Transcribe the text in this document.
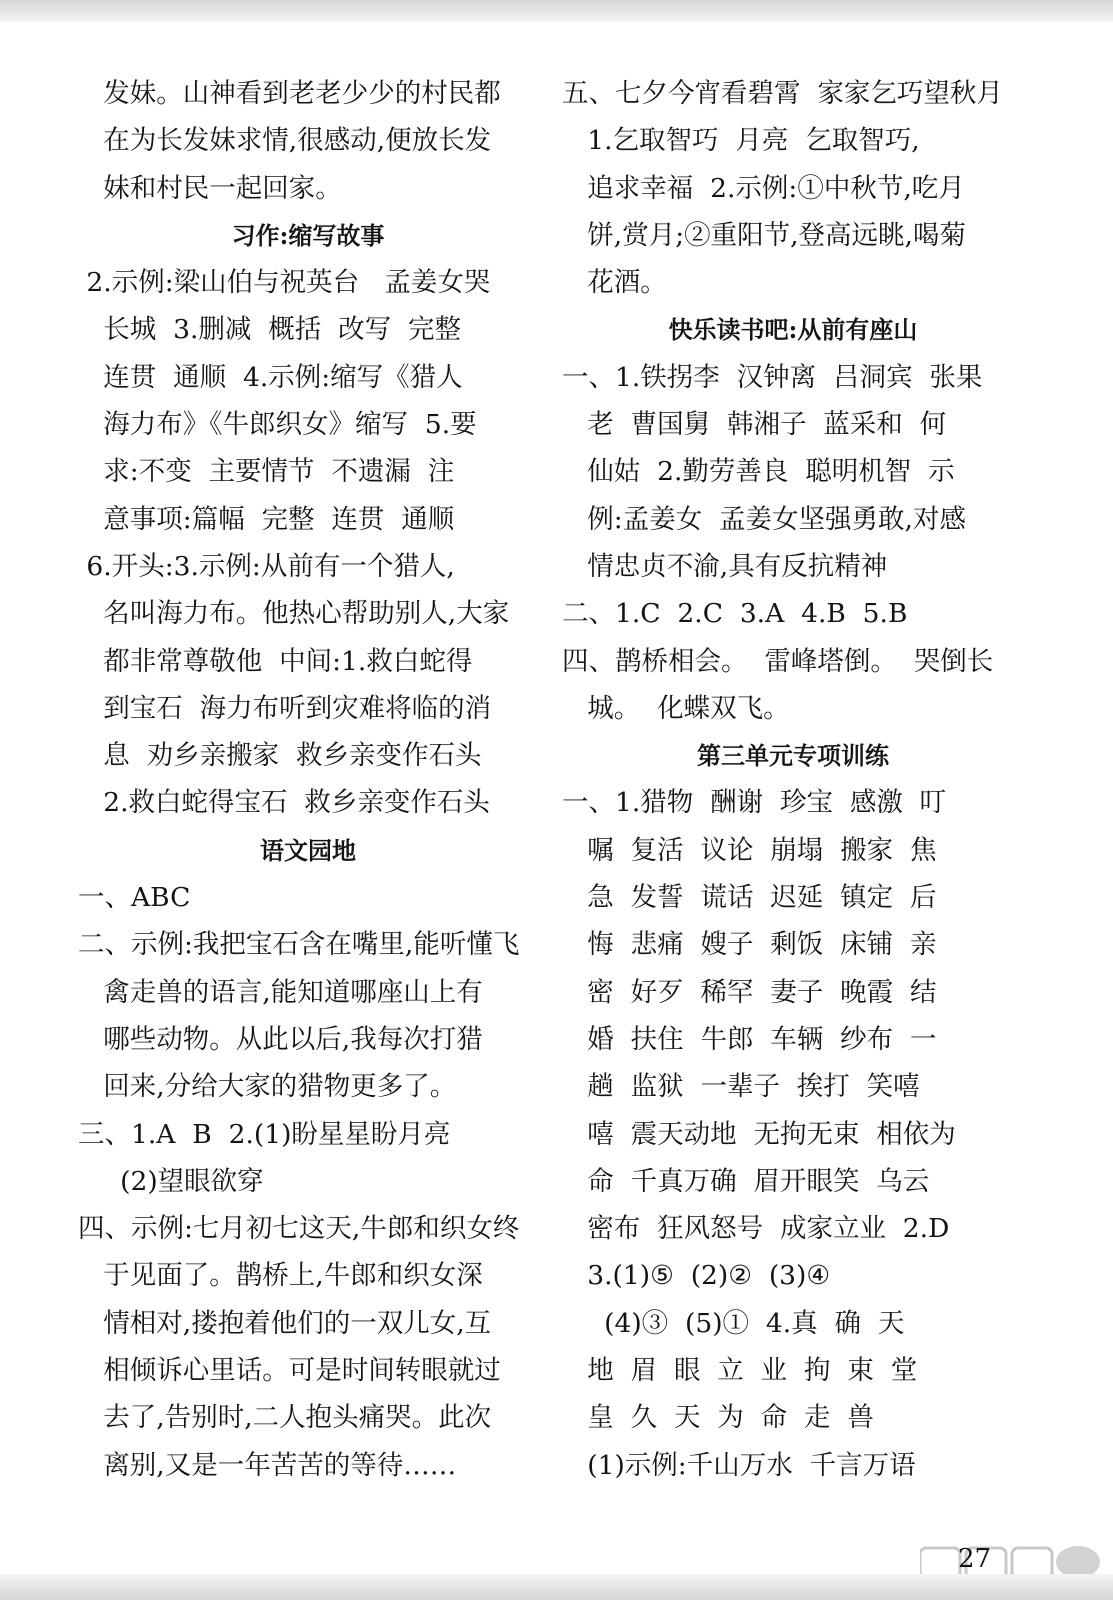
发妹。山神看到老老少少的村民都
在为长发妹求情,很感动,便放长发
妹和村民一起回家。
习作:缩写故事
2.示例:梁山伯与祝英台   孟姜女哭
长城  3.删减  概括  改写  完整
连贯  通顺  4.示例:缩写《猎人
海力布》《牛郎织女》缩写  5.要
求:不变  主要情节  不遗漏  注
意事项:篇幅  完整  连贯  通顺
6.开头:3.示例:从前有一个猎人,
名叫海力布。他热心帮助别人,大家
都非常尊敬他  中间:1.救白蛇得
到宝石  海力布听到灾难将临的消
息  劝乡亲搬家  救乡亲变作石头
2.救白蛇得宝石  救乡亲变作石头
语文园地
一、ABC
二、示例:我把宝石含在嘴里,能听懂飞
禽走兽的语言,能知道哪座山上有
哪些动物。从此以后,我每次打猎
回来,分给大家的猎物更多了。
三、1.A  B  2.(1)盼星星盼月亮
(2)望眼欲穿
四、示例:七月初七这天,牛郎和织女终
于见面了。鹊桥上,牛郎和织女深
情相对,搂抱着他们的一双儿女,互
相倾诉心里话。可是时间转眼就过
去了,告别时,二人抱头痛哭。此次
离别,又是一年苦苦的等待……
五、七夕今宵看碧霄  家家乞巧望秋月
1.乞取智巧  月亮  乞取智巧,
追求幸福  2.示例:①中秋节,吃月
饼,赏月;②重阳节,登高远眺,喝菊
花酒。
快乐读书吧:从前有座山
一、1.铁拐李  汉钟离  吕洞宾  张果
老  曹国舅  韩湘子  蓝采和  何
仙姑  2.勤劳善良  聪明机智  示
例:孟姜女  孟姜女坚强勇敢,对感
情忠贞不渝,具有反抗精神
二、1.C  2.C  3.A  4.B  5.B
四、鹊桥相会。  雷峰塔倒。  哭倒长
城。  化蝶双飞。
第三单元专项训练
一、1.猎物  酬谢  珍宝  感激  叮
嘱  复活  议论  崩塌  搬家  焦
急  发誓  谎话  迟延  镇定  后
悔  悲痛  嫂子  剩饭  床铺  亲
密  好歹  稀罕  妻子  晚霞  结
婚  扶住  牛郎  车辆  纱布  一
趟  监狱  一辈子  挨打  笑嘻
嘻  震天动地  无拘无束  相依为
命  千真万确  眉开眼笑  乌云
密布  狂风怒号  成家立业  2.D
3.(1)⑤  (2)②  (3)④
(4)③  (5)①  4.真  确  天
地  眉  眼  立  业  拘  束  堂
皇  久  天  为  命  走  兽
(1)示例:千山万水  千言万语
27
